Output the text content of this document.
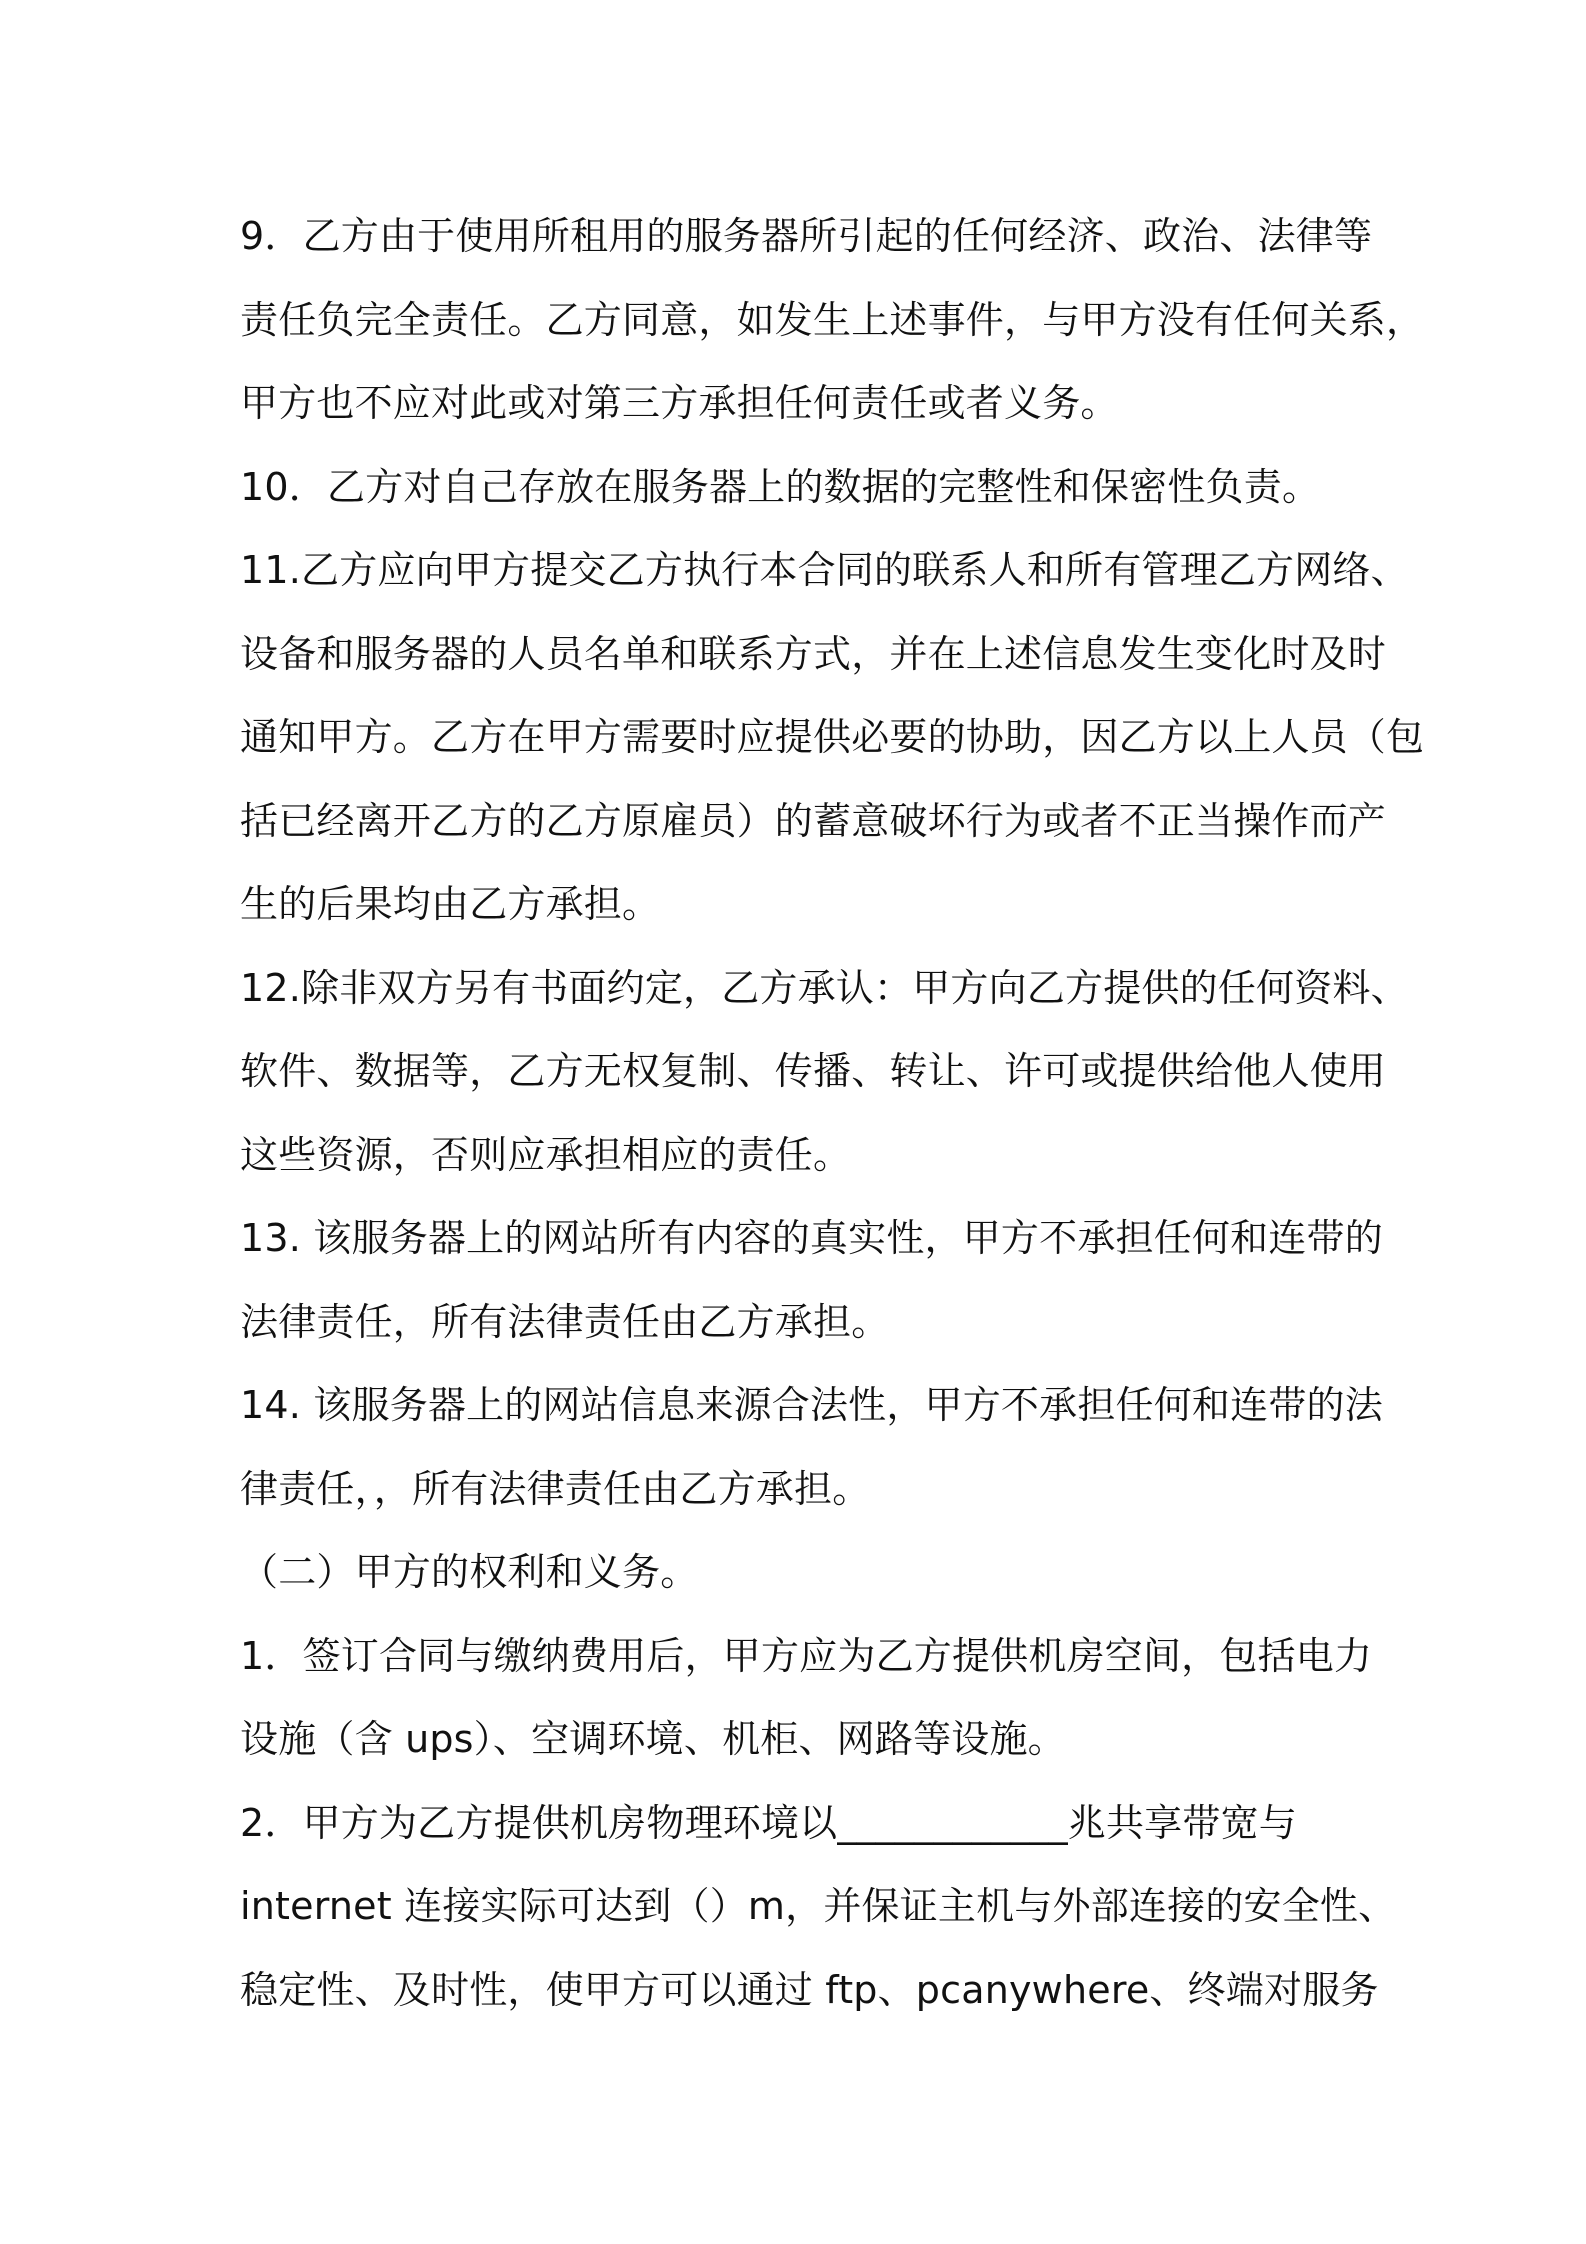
9．乙方由于使用所租用的服务器所引起的任何经济、政治、法律等
责任负完全责任。乙方同意，如发生上述事件，与甲方没有任何关系，
甲方也不应对此或对第三方承担任何责任或者义务。
10．乙方对自己存放在服务器上的数据的完整性和保密性负责。
11.乙方应向甲方提交乙方执行本合同的联系人和所有管理乙方网络、
设备和服务器的人员名单和联系方式，并在上述信息发生变化时及时
通知甲方。乙方在甲方需要时应提供必要的协助，因乙方以上人员（包
括已经离开乙方的乙方原雇员）的蓄意破坏行为或者不正当操作而产
生的后果均由乙方承担。
12.除非双方另有书面约定，乙方承认：甲方向乙方提供的任何资料、
软件、数据等，乙方无权复制、传播、转让、许可或提供给他人使用
这些资源，否则应承担相应的责任。
13. 该服务器上的网站所有内容的真实性，甲方不承担任何和连带的
法律责任，所有法律责任由乙方承担。
14. 该服务器上的网站信息来源合法性，甲方不承担任何和连带的法
律责任，，所有法律责任由乙方承担。
（二）甲方的权利和义务。
1．签订合同与缴纳费用后，甲方应为乙方提供机房空间，包括电力
设施（含 ups）、空调环境、机柜、网路等设施。
2．甲方为乙方提供机房物理环境以____________兆共享带宽与
internet 连接实际可达到（）m，并保证主机与外部连接的安全性、
稳定性、及时性，使甲方可以通过 ftp、pcanywhere、终端对服务
